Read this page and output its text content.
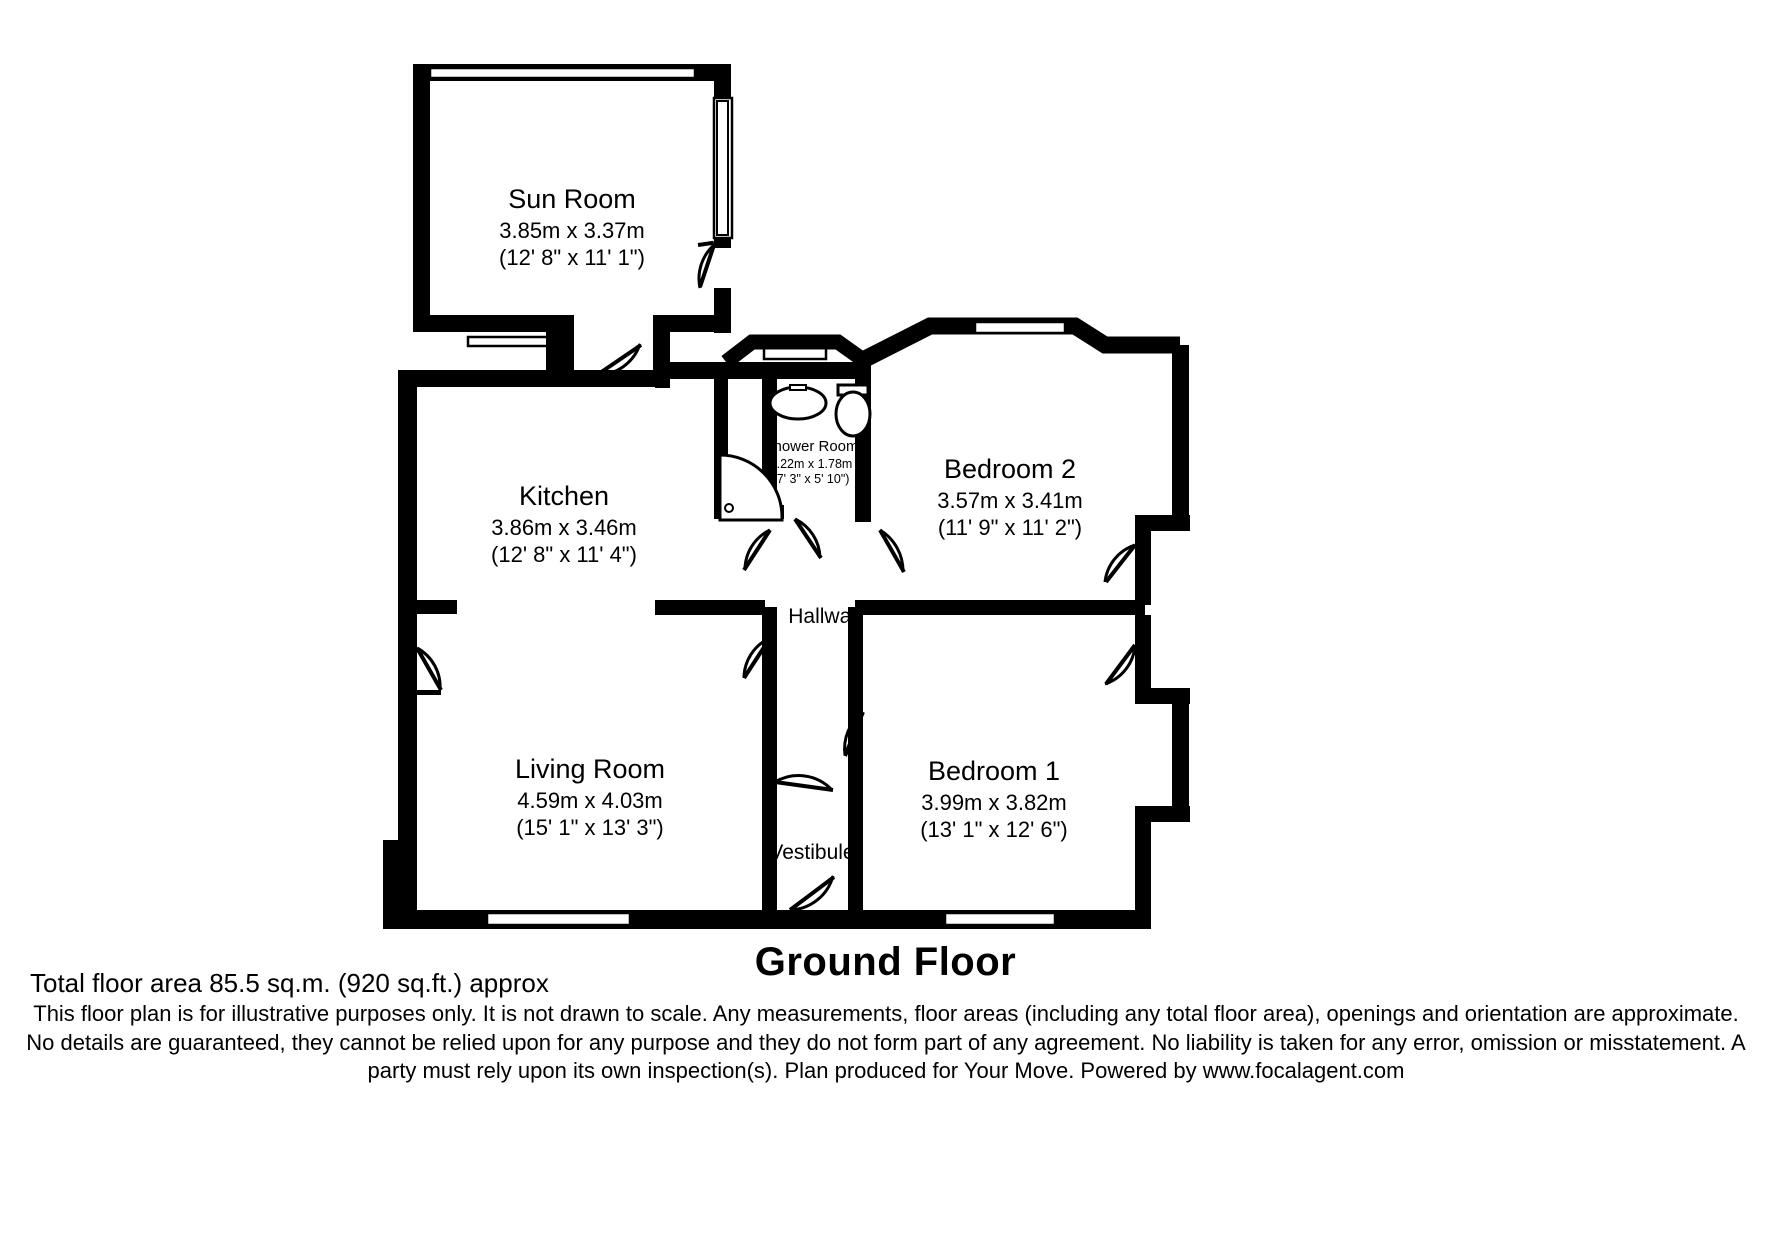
Sun Room
3.85m x 3.37m
(12' 8" x 11' 1")
Kitchen
3.86m x 3.46m
(12' 8" x 11' 4")
Living Room
4.59m x 4.03m
(15' 1" x 13' 3")
Shower Room
2.22m x 1.78m
(7' 3" x 5' 10")	Bedroom 2
3.57m x 3.41m
(11' 9" x 11' 2")
Bedroom 1
3.99m x 3.82m
(13' 1" x 12' 6")
Hallway
Vestibule
Ground Floor
Total floor area 85.5 sq.m. (920 sq.ft.) approx
This floor plan is for illustrative purposes only. It is not drawn to scale. Any measurements, floor areas (including any total floor area), openings and orientation are approximate. No details are guaranteed, they cannot be relied upon for any purpose and they do not form part of any agreement. No liability is taken for any error, omission or misstatement. A party must rely upon its own inspection(s). Plan produced for Your Move. Powered by www.focalagent.com
